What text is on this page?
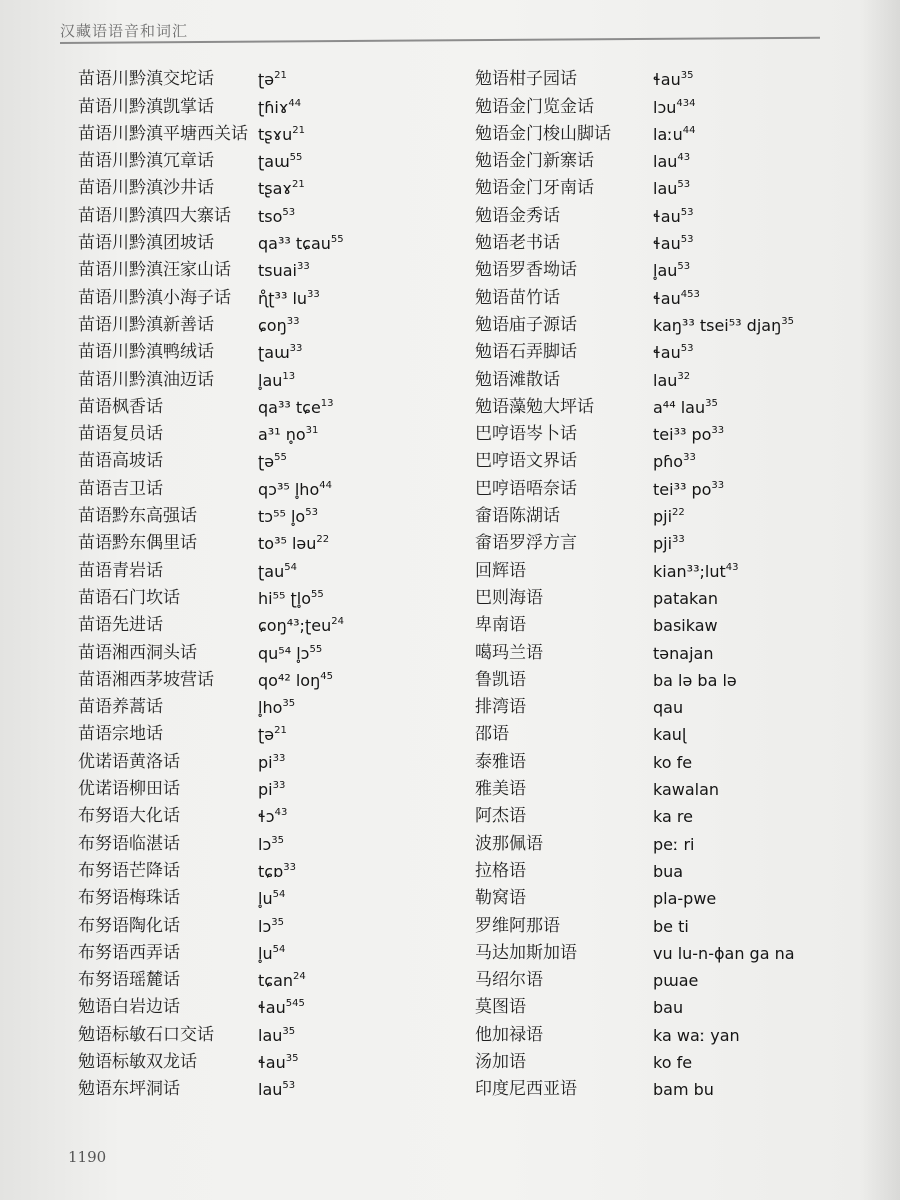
汉藏语语音和词汇
苗语川黔滇交坨话	ʈə$^{21}$
苗语川黔滇凯掌话	ʈɦiɤ$^{44}$
苗语川黔滇平塘西关话 tʂɤu$^{21}$
苗语川黔滇冗章话	ʈaɯ$^{55}$
苗语川黔滇沙井话	tʂaɤ$^{21}$
苗语川黔滇四大寨话	tso$^{53}$
苗语川黔滇团坡话	qa³³ tɕau$^{55}$
苗语川黔滇汪家山话	tsuai$^{33}$
苗语川黔滇小海子话	ɳ̊ʈ³³ $lu^{33}$
苗语川黔滇新善话	ɕoŋ$^{33}$
苗语川黔滇鸭绒话	ʈaɯ$^{33}$
苗语川黔滇油迈话	$l̥au^{13}$
苗语枫香话	qa³³ tɕe$^{13}$
苗语复员话	a³¹ $n̥o^{31}$
苗语高坡话	ʈə$^{55}$
苗语吉卫话	qɔ³⁵ $l̥ho^{44}$
苗语黔东高强话	tɔ⁵⁵ $l̥o^{53}$
苗语黔东偶里话	to³⁵ ləu$^{22}$
苗语青岩话	ʈau$^{54}$
苗语石门坎话	hi⁵⁵ $ʈl̥o^{55}$
苗语先进话	ɕoŋ⁴³;ʈeu$^{24}$
苗语湘西洞头话	qu⁵⁴ l̥ɔ$^{55}$
苗语湘西茅坡营话	qo⁴² loŋ$^{45}$
苗语养蒿话	$l̥ho^{35}$
苗语宗地话	ʈə$^{21}$
优诺语黄洛话	$pi^{33}$
优诺语柳田话	$pi^{33}$
布努语大化话	ɬɔ$^{43}$
布努语临湛话	lɔ$^{35}$
布努语芒降话	tɕɒ$^{33}$
布努语梅珠话	$l̥u^{54}$
布努语陶化话	lɔ$^{35}$
布努语西弄话	$l̥u^{54}$
布努语瑶麓话	tɕan$^{24}$
勉语白岩边话	ɬau$^{545}$
勉语标敏石口交话	lau$^{35}$
勉语标敏双龙话	ɬau$^{35}$
勉语东坪洞话	lau$^{53}$
勉语柑子园话	ɬau$^{35}$
勉语金门览金话	lɔu$^{434}$
勉语金门梭山脚话	laːu$^{44}$
勉语金门新寨话	lau$^{43}$
勉语金门牙南话	lau$^{53}$
勉语金秀话	ɬau$^{53}$
勉语老书话	ɬau$^{53}$
勉语罗香坳话	$l̥au^{53}$
勉语苗竹话	ɬau$^{453}$
勉语庙子源话	kaŋ³³ tsei⁵³ djaŋ$^{35}$
勉语石弄脚话	ɬau$^{53}$
勉语滩散话	lau$^{32}$
勉语藻勉大坪话	a⁴⁴ lau$^{35}$
巴哼语岑卜话	tei³³ $po^{33}$
巴哼语文界话	pɦo$^{33}$
巴哼语唔奈话	tei³³ $po^{33}$
畲语陈湖话	pji$^{22}$
畲语罗浮方言	pji$^{33}$
回辉语	kian³³;lut$^{43}$
巴则海语	patakan
卑南语	basikaw
噶玛兰语	tənajan
鲁凯语	ba lə ba lə
排湾语	qau
邵语	kauɭ
泰雅语	ko fe
雅美语	kawalan
阿杰语	ka re
波那佩语	peː ri
拉格语	bua
勒窝语	pla-pwe
罗维阿那语	be ti
马达加斯加语	vu lu-n-ɸan ga na
马绍尔语	pɯae
莫图语	bau
他加禄语	ka waː yan
汤加语	ko fe
印度尼西亚语	bam bu
1190
